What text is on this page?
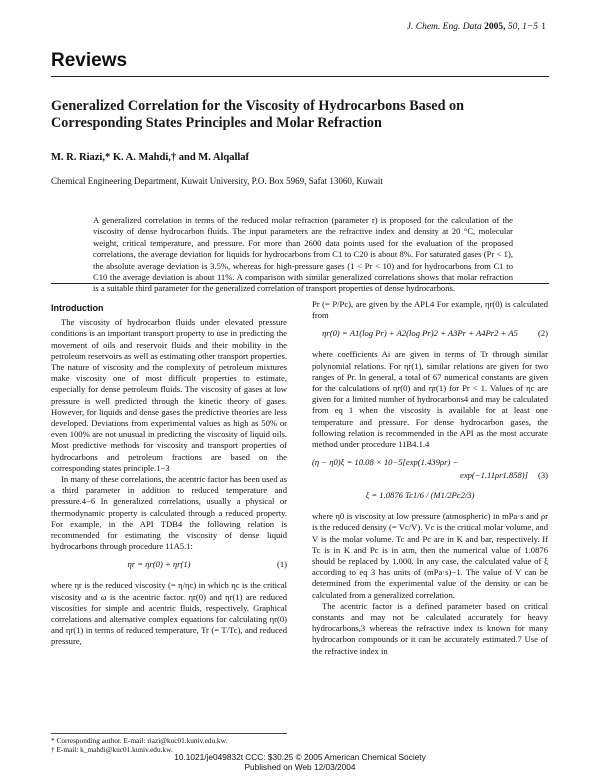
J. Chem. Eng. Data 2005, 50, 1−5 1
Reviews
Generalized Correlation for the Viscosity of Hydrocarbons Based on Corresponding States Principles and Molar Refraction
M. R. Riazi,* K. A. Mahdi,† and M. Alqallaf
Chemical Engineering Department, Kuwait University, P.O. Box 5969, Safat 13060, Kuwait
A generalized correlation in terms of the reduced molar refraction (parameter r) is proposed for the calculation of the viscosity of dense hydrocarbon fluids. The input parameters are the refractive index and density at 20 °C, molecular weight, critical temperature, and pressure. For more than 2600 data points used for the evaluation of the proposed correlations, the average deviation for liquids for hydrocarbons from C1 to C20 is about 8%. For saturated gases (Pr < 1), the absolute average deviation is 3.5%, whereas for high-pressure gases (1 < Pr < 10) and for hydrocarbons from C1 to C10 the average deviation is about 11%. A comparison with similar generalized correlations shows that molar refraction is a suitable third parameter for the generalized correlation of transport properties of dense hydrocarbons.
Introduction

The viscosity of hydrocarbon fluids under elevated pressure conditions is an important transport property to use in predicting the movement of oils and reservoir fluids and their mobility in the petroleum reservoirs as well as estimating other transport properties. The nature of viscosity and the complexity of petroleum mixtures make viscosity one of most difficult properties to estimate, especially for dense petroleum fluids. The viscosity of gases at low pressure is well predicted through the kinetic theory of gases. However, for liquids and dense gases the predictive theories are less developed. Deviations from experimental values as high as 50% or even 100% are not unusual in predicting the viscosity of liquid oils. Most predictive methods for viscosity and transport properties of hydrocarbons and petroleum fractions are based on the corresponding states principle.1−3

In many of these correlations, the acentric factor has been used as a third parameter in addition to reduced temperature and pressure.4−6 In generalized correlations, usually a physical or thermodynamic property is calculated through a reduced property. For example, in the API TDB4 the following relation is recommended for estimating the viscosity of dense liquid hydrocarbons through procedure 11A5.1:

ηr = ηr(0) + ηr(1)	(1)

where ηr is the reduced viscosity (= η/ηc) in which ηc is the critical viscosity and ω is the acentric factor. ηr(0) and ηr(1) are reduced viscosities for simple and acentric fluids, respectively. Graphical correlations and alternative complex equations for calculating ηr(0) and ηr(1) in terms of reduced temperature, Tr (= T/Tc), and reduced pressure,

Pr (= P/Pc), are given by the API.4 For example, ηr(0) is calculated from

ηr(0) = A1(log Pr) + A2(log Pr)2 + A3Pr + A4Pr2 + A5	(2)

where coefficients Ai are given in terms of Tr through similar polynomial relations. For ηr(1), similar relations are given for two ranges of Pr. In general, a total of 67 numerical constants are given for the calculations of ηr(0) and ηr(1) for Pr < 1. Values of ηc are given for a limited number of hydrocarbons4 and may be calculated from eq 1 when the viscosity is available for at least one temperature and pressure. For dense hydrocarbon gases, the following relation is recommended in the API as the most accurate method under procedure 11B4.1.4

(η − η0)ξ = 10.08 × 10−5[exp(1.439ρr) −
exp(−1.11ρr1.858)] (3)
ξ = 1.0876 Tc1/6 / (M1/2Pc2/3)

where η0 is viscosity at low pressure (atmospheric) in mPa·s and ρr is the reduced density (= Vc/V). Vc is the critical molar volume, and V is the molar volume. Tc and Pc are in K and bar, respectively. If Tc is in K and Pc is in atm, then the numerical value of 1.0876 should be replaced by 1.000. In any case, the calculated value of ξ according to eq 3 has units of (mPa·s)−1. The value of V can be determined from the experimental value of the density or can be calculated from a generalized correlation.

The acentric factor is a defined parameter based on critical constants and may not be calculated accurately for heavy hydrocarbons,3 whereas the refractive index is known for many hydrocarbon compounds or it can be accurately estimated.7 Use of the refractive index in

* Corresponding author. E-mail: riazi@kuc01.kuniv.edu.kw.
† E-mail: k_mahdi@kuc01.kuniv.edu.kw.
10.1021/je049832t CCC: $30.25 © 2005 American Chemical Society
Published on Web 12/03/2004
